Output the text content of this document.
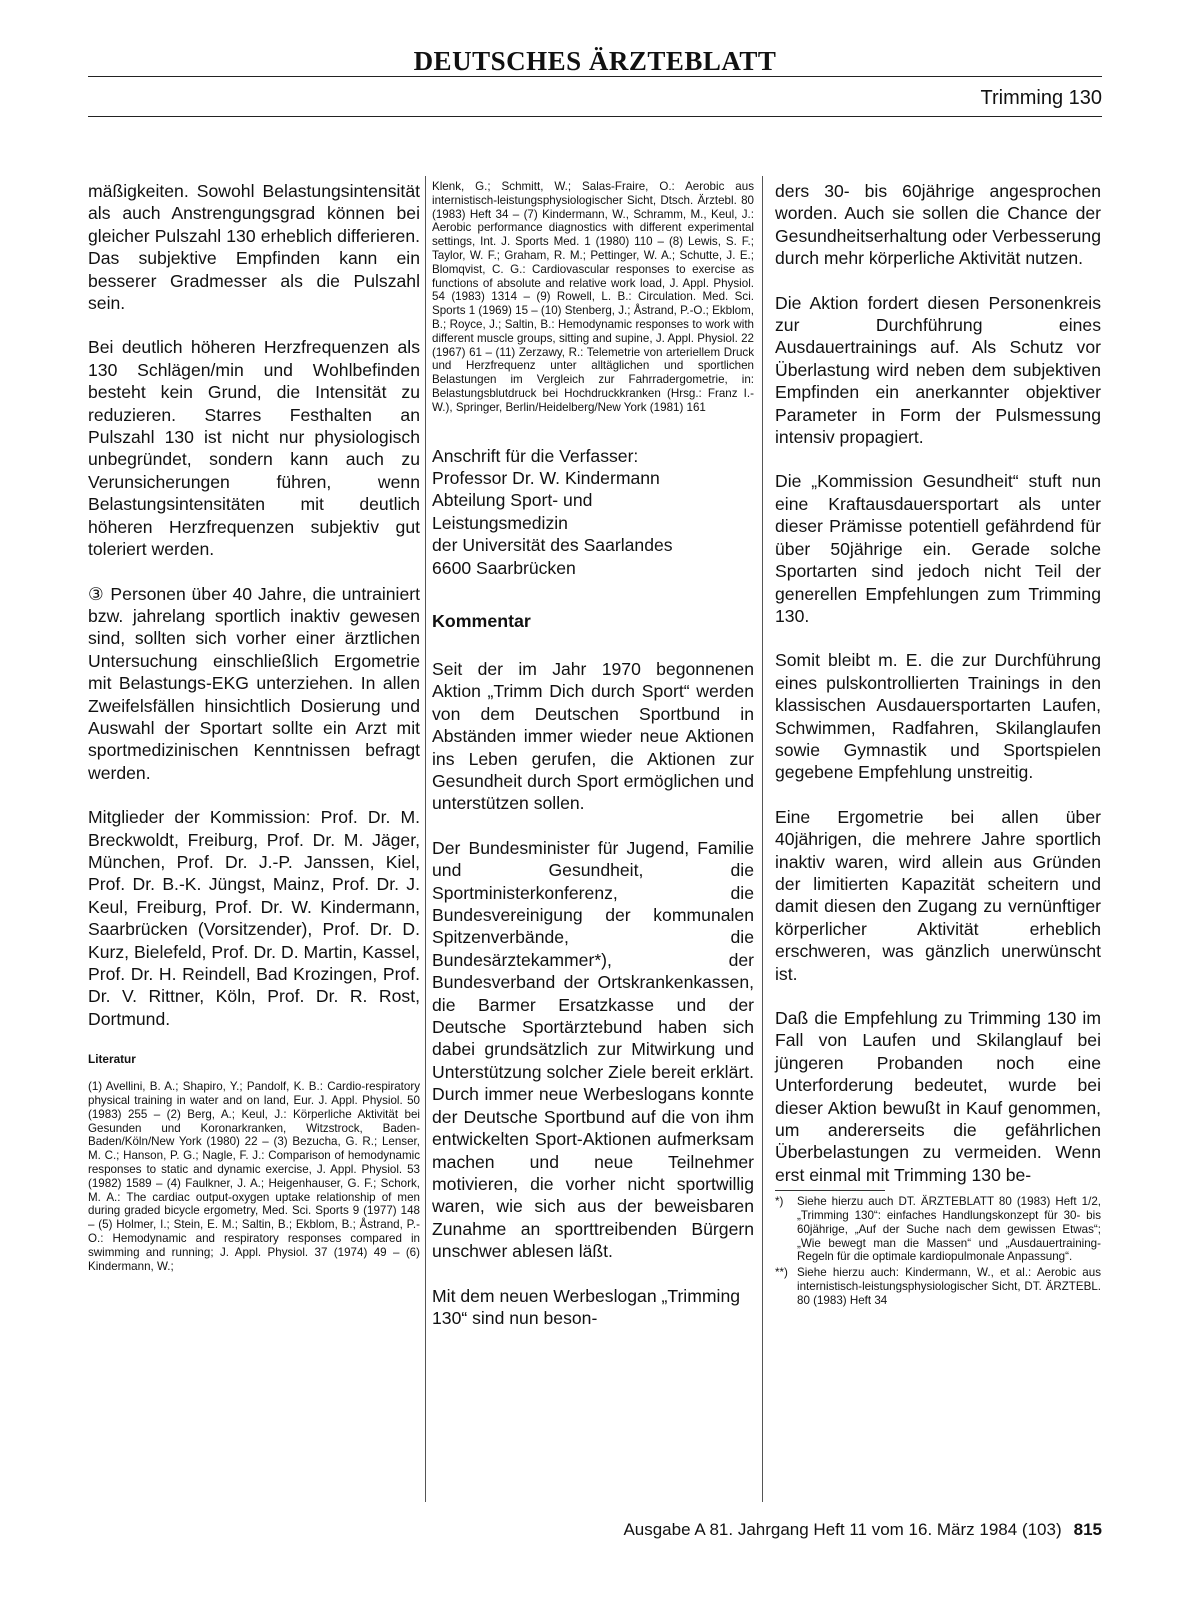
DEUTSCHES ÄRZTEBLATT
Trimming 130

mäßigkeiten. Sowohl Belastungsintensität als auch Anstrengungsgrad können bei gleicher Pulszahl 130 erheblich differieren. Das subjektive Empfinden kann ein besserer Gradmesser als die Pulszahl sein.

Bei deutlich höheren Herzfrequenzen als 130 Schlägen/min und Wohlbefinden besteht kein Grund, die Intensität zu reduzieren. Starres Festhalten an Pulszahl 130 ist nicht nur physiologisch unbegründet, sondern kann auch zu Verunsicherungen führen, wenn Belastungsintensitäten mit deutlich höheren Herzfrequenzen subjektiv gut toleriert werden.

③ Personen über 40 Jahre, die untrainiert bzw. jahrelang sportlich inaktiv gewesen sind, sollten sich vorher einer ärztlichen Untersuchung einschließlich Ergometrie mit Belastungs-EKG unterziehen. In allen Zweifelsfällen hinsichtlich Dosierung und Auswahl der Sportart sollte ein Arzt mit sportmedizinischen Kenntnissen befragt werden.

Mitglieder der Kommission: Prof. Dr. M. Breckwoldt, Freiburg, Prof. Dr. M. Jäger, München, Prof. Dr. J.-P. Janssen, Kiel, Prof. Dr. B.-K. Jüngst, Mainz, Prof. Dr. J. Keul, Freiburg, Prof. Dr. W. Kindermann, Saarbrücken (Vorsitzender), Prof. Dr. D. Kurz, Bielefeld, Prof. Dr. D. Martin, Kassel, Prof. Dr. H. Reindell, Bad Krozingen, Prof. Dr. V. Rittner, Köln, Prof. Dr. R. Rost, Dortmund.

Literatur

(1) Avellini, B. A.; Shapiro, Y.; Pandolf, K. B.: Cardio-respiratory physical training in water and on land, Eur. J. Appl. Physiol. 50 (1983) 255 – (2) Berg, A.; Keul, J.: Körperliche Aktivität bei Gesunden und Koronarkranken, Witzstrock, Baden-Baden/Köln/New York (1980) 22 – (3) Bezucha, G. R.; Lenser, M. C.; Hanson, P. G.; Nagle, F. J.: Comparison of hemodynamic responses to static and dynamic exercise, J. Appl. Physiol. 53 (1982) 1589 – (4) Faulkner, J. A.; Heigenhauser, G. F.; Schork, M. A.: The cardiac output-oxygen uptake relationship of men during graded bicycle ergometry, Med. Sci. Sports 9 (1977) 148 – (5) Holmer, I.; Stein, E. M.; Saltin, B.; Ekblom, B.; Åstrand, P.-O.: Hemodynamic and respiratory responses compared in swimming and running; J. Appl. Physiol. 37 (1974) 49 – (6) Kindermann, W.;

Klenk, G.; Schmitt, W.; Salas-Fraire, O.: Aerobic aus internistisch-leistungsphysiologischer Sicht, Dtsch. Ärztebl. 80 (1983) Heft 34 – (7) Kindermann, W., Schramm, M., Keul, J.: Aerobic performance diagnostics with different experimental settings, Int. J. Sports Med. 1 (1980) 110 – (8) Lewis, S. F.; Taylor, W. F.; Graham, R. M.; Pettinger, W. A.; Schutte, J. E.; Blomqvist, C. G.: Cardiovascular responses to exercise as functions of absolute and relative work load, J. Appl. Physiol. 54 (1983) 1314 – (9) Rowell, L. B.: Circulation. Med. Sci. Sports 1 (1969) 15 – (10) Stenberg, J.; Åstrand, P.-O.; Ekblom, B.; Royce, J.; Saltin, B.: Hemodynamic responses to work with different muscle groups, sitting and supine, J. Appl. Physiol. 22 (1967) 61 – (11) Zerzawy, R.: Telemetrie von arteriellem Druck und Herzfrequenz unter alltäglichen und sportlichen Belastungen im Vergleich zur Fahrradergometrie, in: Belastungsblutdruck bei Hochdruckkranken (Hrsg.: Franz I.-W.), Springer, Berlin/Heidelberg/New York (1981) 161

Anschrift für die Verfasser:
Professor Dr. W. Kindermann
Abteilung Sport- und
Leistungsmedizin
der Universität des Saarlandes
6600 Saarbrücken
Kommentar

Seit der im Jahr 1970 begonnenen Aktion „Trimm Dich durch Sport“ werden von dem Deutschen Sportbund in Abständen immer wieder neue Aktionen ins Leben gerufen, die Aktionen zur Gesundheit durch Sport ermöglichen und unterstützen sollen.

Der Bundesminister für Jugend, Familie und Gesundheit, die Sportministerkonferenz, die Bundesvereinigung der kommunalen Spitzenverbände, die Bundesärztekammer*), der Bundesverband der Ortskrankenkassen, die Barmer Ersatzkasse und der Deutsche Sportärztebund haben sich dabei grundsätzlich zur Mitwirkung und Unterstützung solcher Ziele bereit erklärt. Durch immer neue Werbeslogans konnte der Deutsche Sportbund auf die von ihm entwickelten Sport-Aktionen aufmerksam machen und neue Teilnehmer motivieren, die vorher nicht sportwillig waren, wie sich aus der beweisbaren Zunahme an sporttreibenden Bürgern unschwer ablesen läßt.

Mit dem neuen Werbeslogan „Trimming 130“ sind nun beson-

ders 30- bis 60jährige angesprochen worden. Auch sie sollen die Chance der Gesundheitserhaltung oder Verbesserung durch mehr körperliche Aktivität nutzen.

Die Aktion fordert diesen Personenkreis zur Durchführung eines Ausdauertrainings auf. Als Schutz vor Überlastung wird neben dem subjektiven Empfinden ein anerkannter objektiver Parameter in Form der Pulsmessung intensiv propagiert.

Die „Kommission Gesundheit“ stuft nun eine Kraftausdauersportart als unter dieser Prämisse potentiell gefährdend für über 50jährige ein. Gerade solche Sportarten sind jedoch nicht Teil der generellen Empfehlungen zum Trimming 130.

Somit bleibt m. E. die zur Durchführung eines pulskontrollierten Trainings in den klassischen Ausdauersportarten Laufen, Schwimmen, Radfahren, Skilanglaufen sowie Gymnastik und Sportspielen gegebene Empfehlung unstreitig.

Eine Ergometrie bei allen über 40jährigen, die mehrere Jahre sportlich inaktiv waren, wird allein aus Gründen der limitierten Kapazität scheitern und damit diesen den Zugang zu vernünftiger körperlicher Aktivität erheblich erschweren, was gänzlich unerwünscht ist.

Daß die Empfehlung zu Trimming 130 im Fall von Laufen und Skilanglauf bei jüngeren Probanden noch eine Unterforderung bedeutet, wurde bei dieser Aktion bewußt in Kauf genommen, um andererseits die gefährlichen Überbelastungen zu vermeiden. Wenn erst einmal mit Trimming 130 be-

*)	Siehe hierzu auch DT. ÄRZTEBLATT 80 (1983) Heft 1/2, „Trimming 130“: einfaches Handlungskonzept für 30- bis 60jährige, „Auf der Suche nach dem gewissen Etwas“; „Wie bewegt man die Massen“ und „Ausdauertraining-Regeln für die optimale kardiopulmonale Anpassung“.
**) Siehe hierzu auch: Kindermann, W., et al.: Aerobic aus internistisch-leistungsphysiologischer Sicht, DT. ÄRZTEBL. 80 (1983) Heft 34
Ausgabe A 81. Jahrgang Heft 11 vom 16. März 1984 (103) 815
